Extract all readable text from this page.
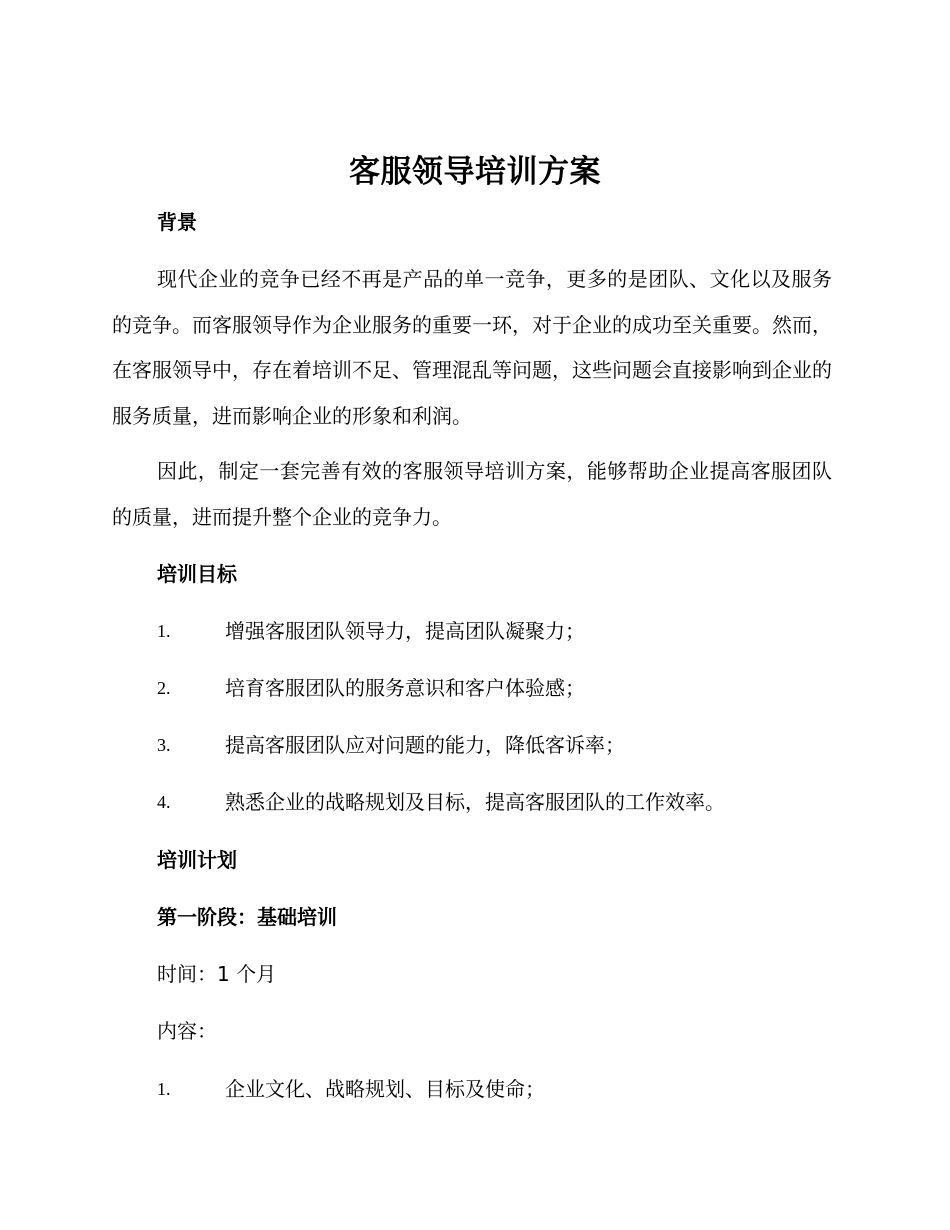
客服领导培训方案
背景

现代企业的竞争已经不再是产品的单一竞争，更多的是团队、文化以及服务的竞争。而客服领导作为企业服务的重要一环，对于企业的成功至关重要。然而，在客服领导中，存在着培训不足、管理混乱等问题，这些问题会直接影响到企业的服务质量，进而影响企业的形象和利润。

因此，制定一套完善有效的客服领导培训方案，能够帮助企业提高客服团队的质量，进而提升整个企业的竞争力。

培训目标
1.	增强客服团队领导力，提高团队凝聚力；
2.	培育客服团队的服务意识和客户体验感；
3.	提高客服团队应对问题的能力，降低客诉率；
4.	熟悉企业的战略规划及目标，提高客服团队的工作效率。
培训计划
第一阶段：基础培训
时间：1 个月
内容：
1.	企业文化、战略规划、目标及使命；
